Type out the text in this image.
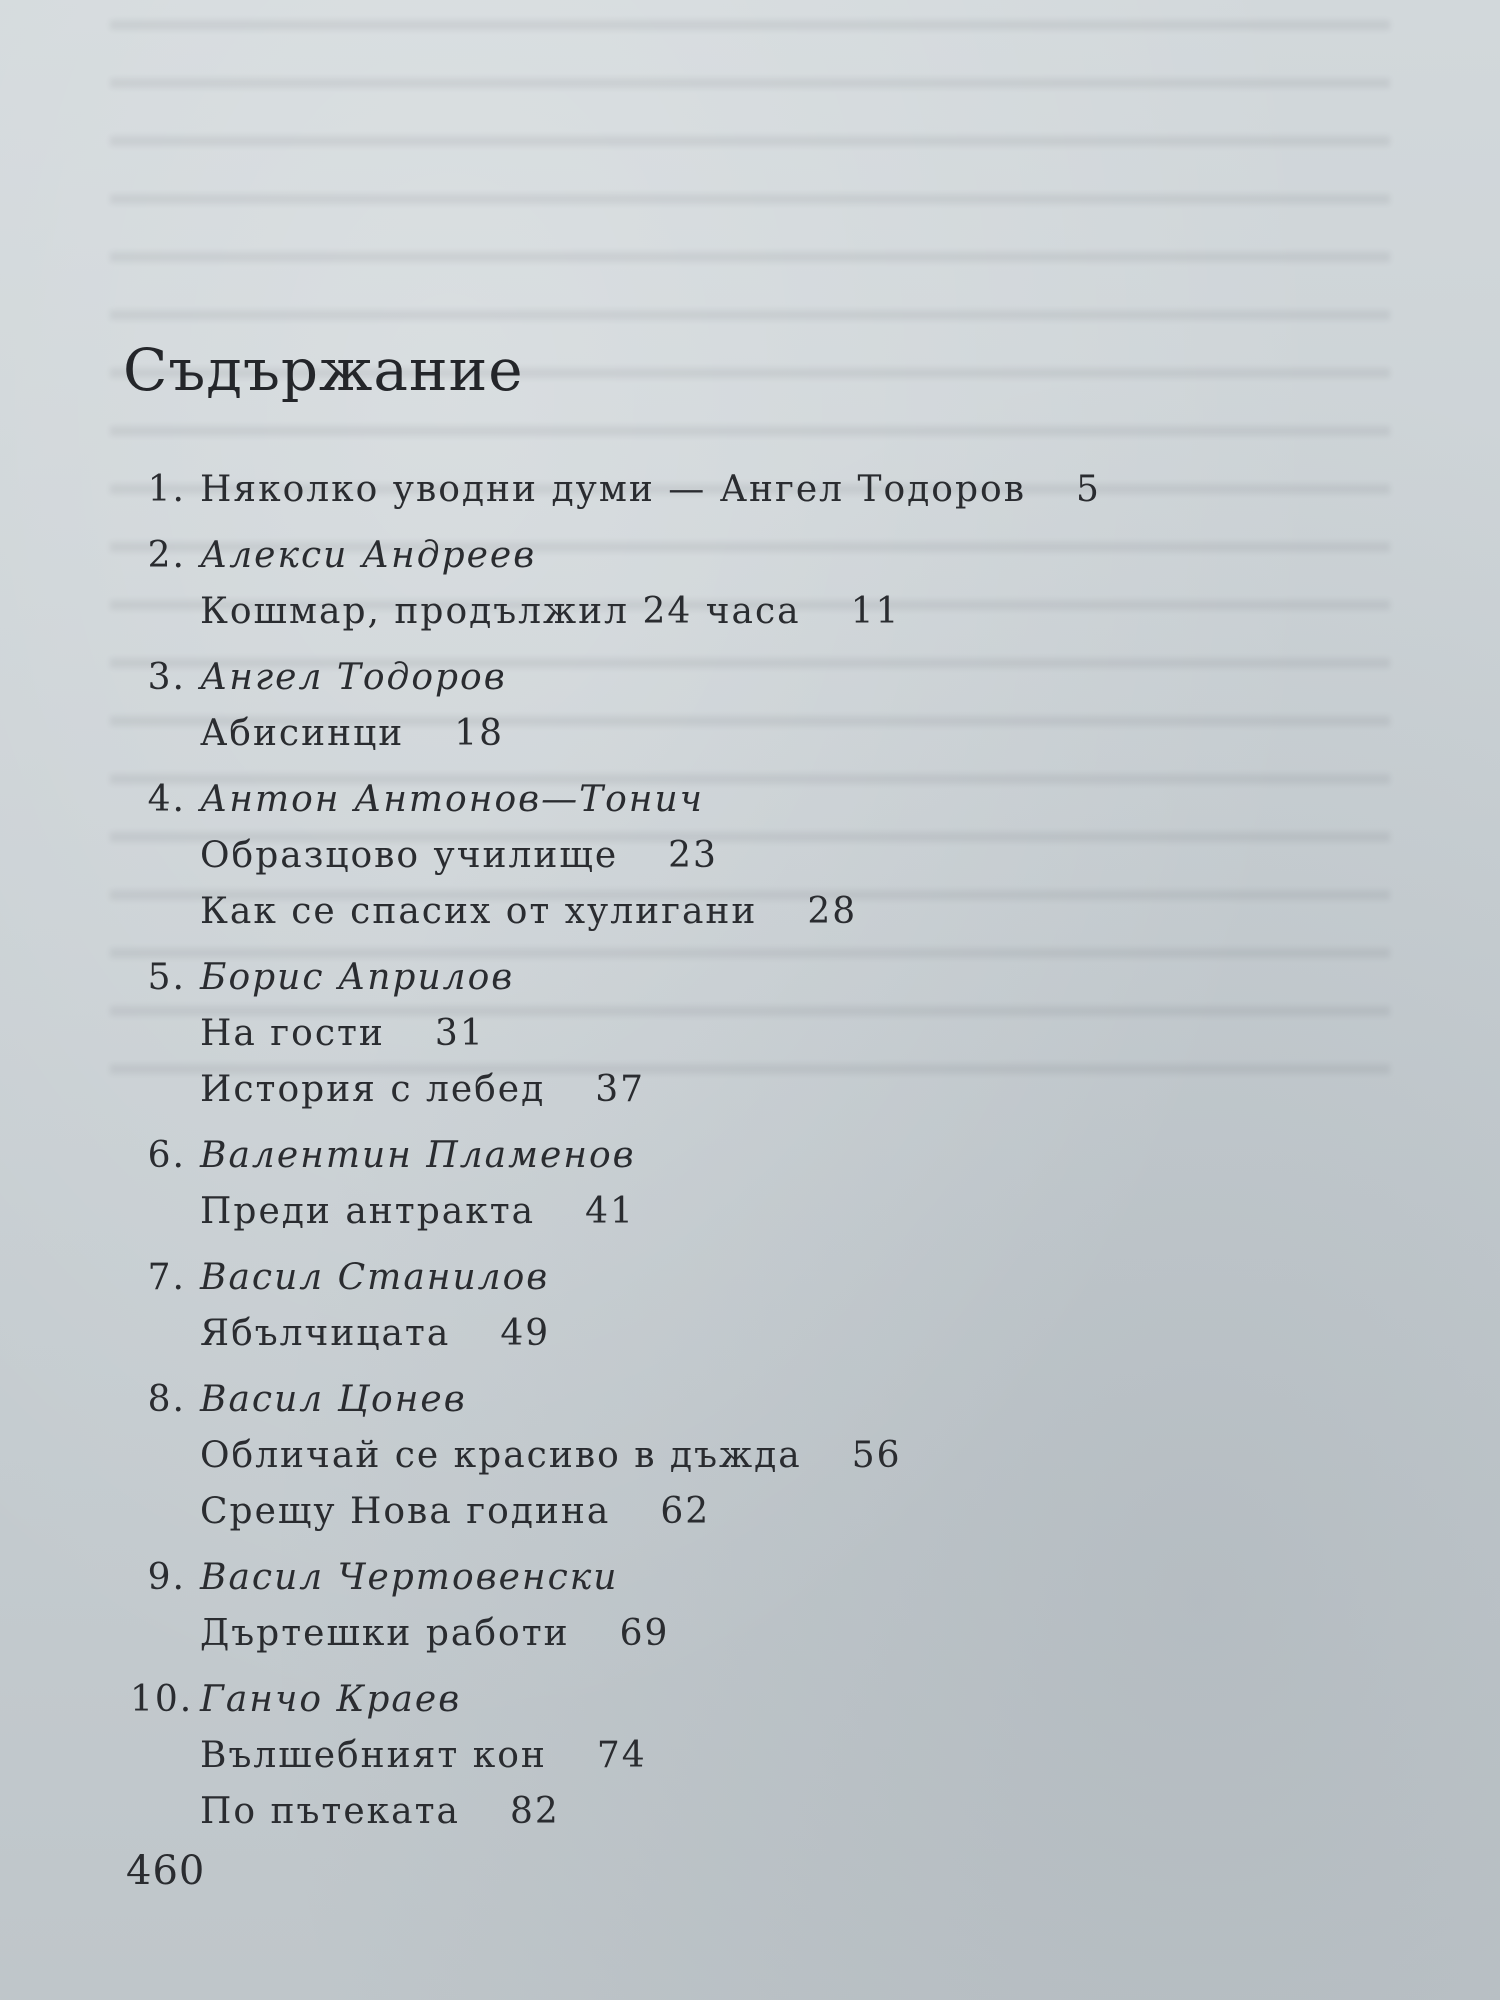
Съдържание
1. Няколко уводни думи — Ангел Тодоров 5
2. Алекси Андреев
Кошмар, продължил 24 часа 11
3. Ангел Тодоров
Абисинци 18
4. Антон Антонов—Тонич
Образцово училище 23
Как се спасих от хулигани 28
5. Борис Априлов
На гости 31
История с лебед 37
6. Валентин Пламенов
Преди антракта 41
7. Васил Станилов
Ябълчицата 49
8. Васил Цонев
Обличай се красиво в дъжда 56
Срещу Нова година 62
9. Васил Чертовенски
Дъртешки работи 69
10. Ганчо Краев
Вълшебният кон 74
По пътеката 82
460
